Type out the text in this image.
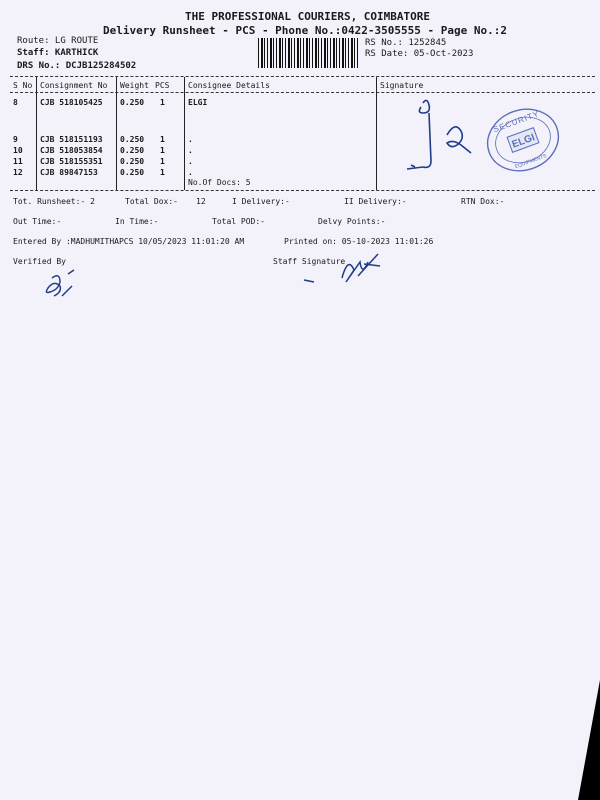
THE PROFESSIONAL COURIERS, COIMBATORE
Delivery Runsheet - PCS - Phone No.:0422-3505555 - Page No.:2
Route: LG ROUTE
Staff: KARTHICK
DRS No.: DCJB125284502
RS No.: 1252845
RS Date: 05-Oct-2023
S No Consignment No Weight PCS Consignee Details	Signature
8	CJB 518105425 0.250 1	ELGI
9	CJB 518151193 0.250 1	.
10 CJB 518053854 0.250 1	.
11 CJB 518155351 0.250 1	.
12 CJB 89847153	0.250 1	.
No.Of Docs: 5
ELGI
SECURITY
EQUIPMENTS
Tot. Runsheet:- 2	Total Dox:- 12	I Delivery:-	II Delivery:-	RTN Dox:-
Out Time:-	In Time:-	Total POD:-	Delvy Points:-
Entered By :MADHUMITHAPCS 10/05/2023 11:01:20 AM	Printed on: 05-10-2023 11:01:26
Verified By	Staff Signature
